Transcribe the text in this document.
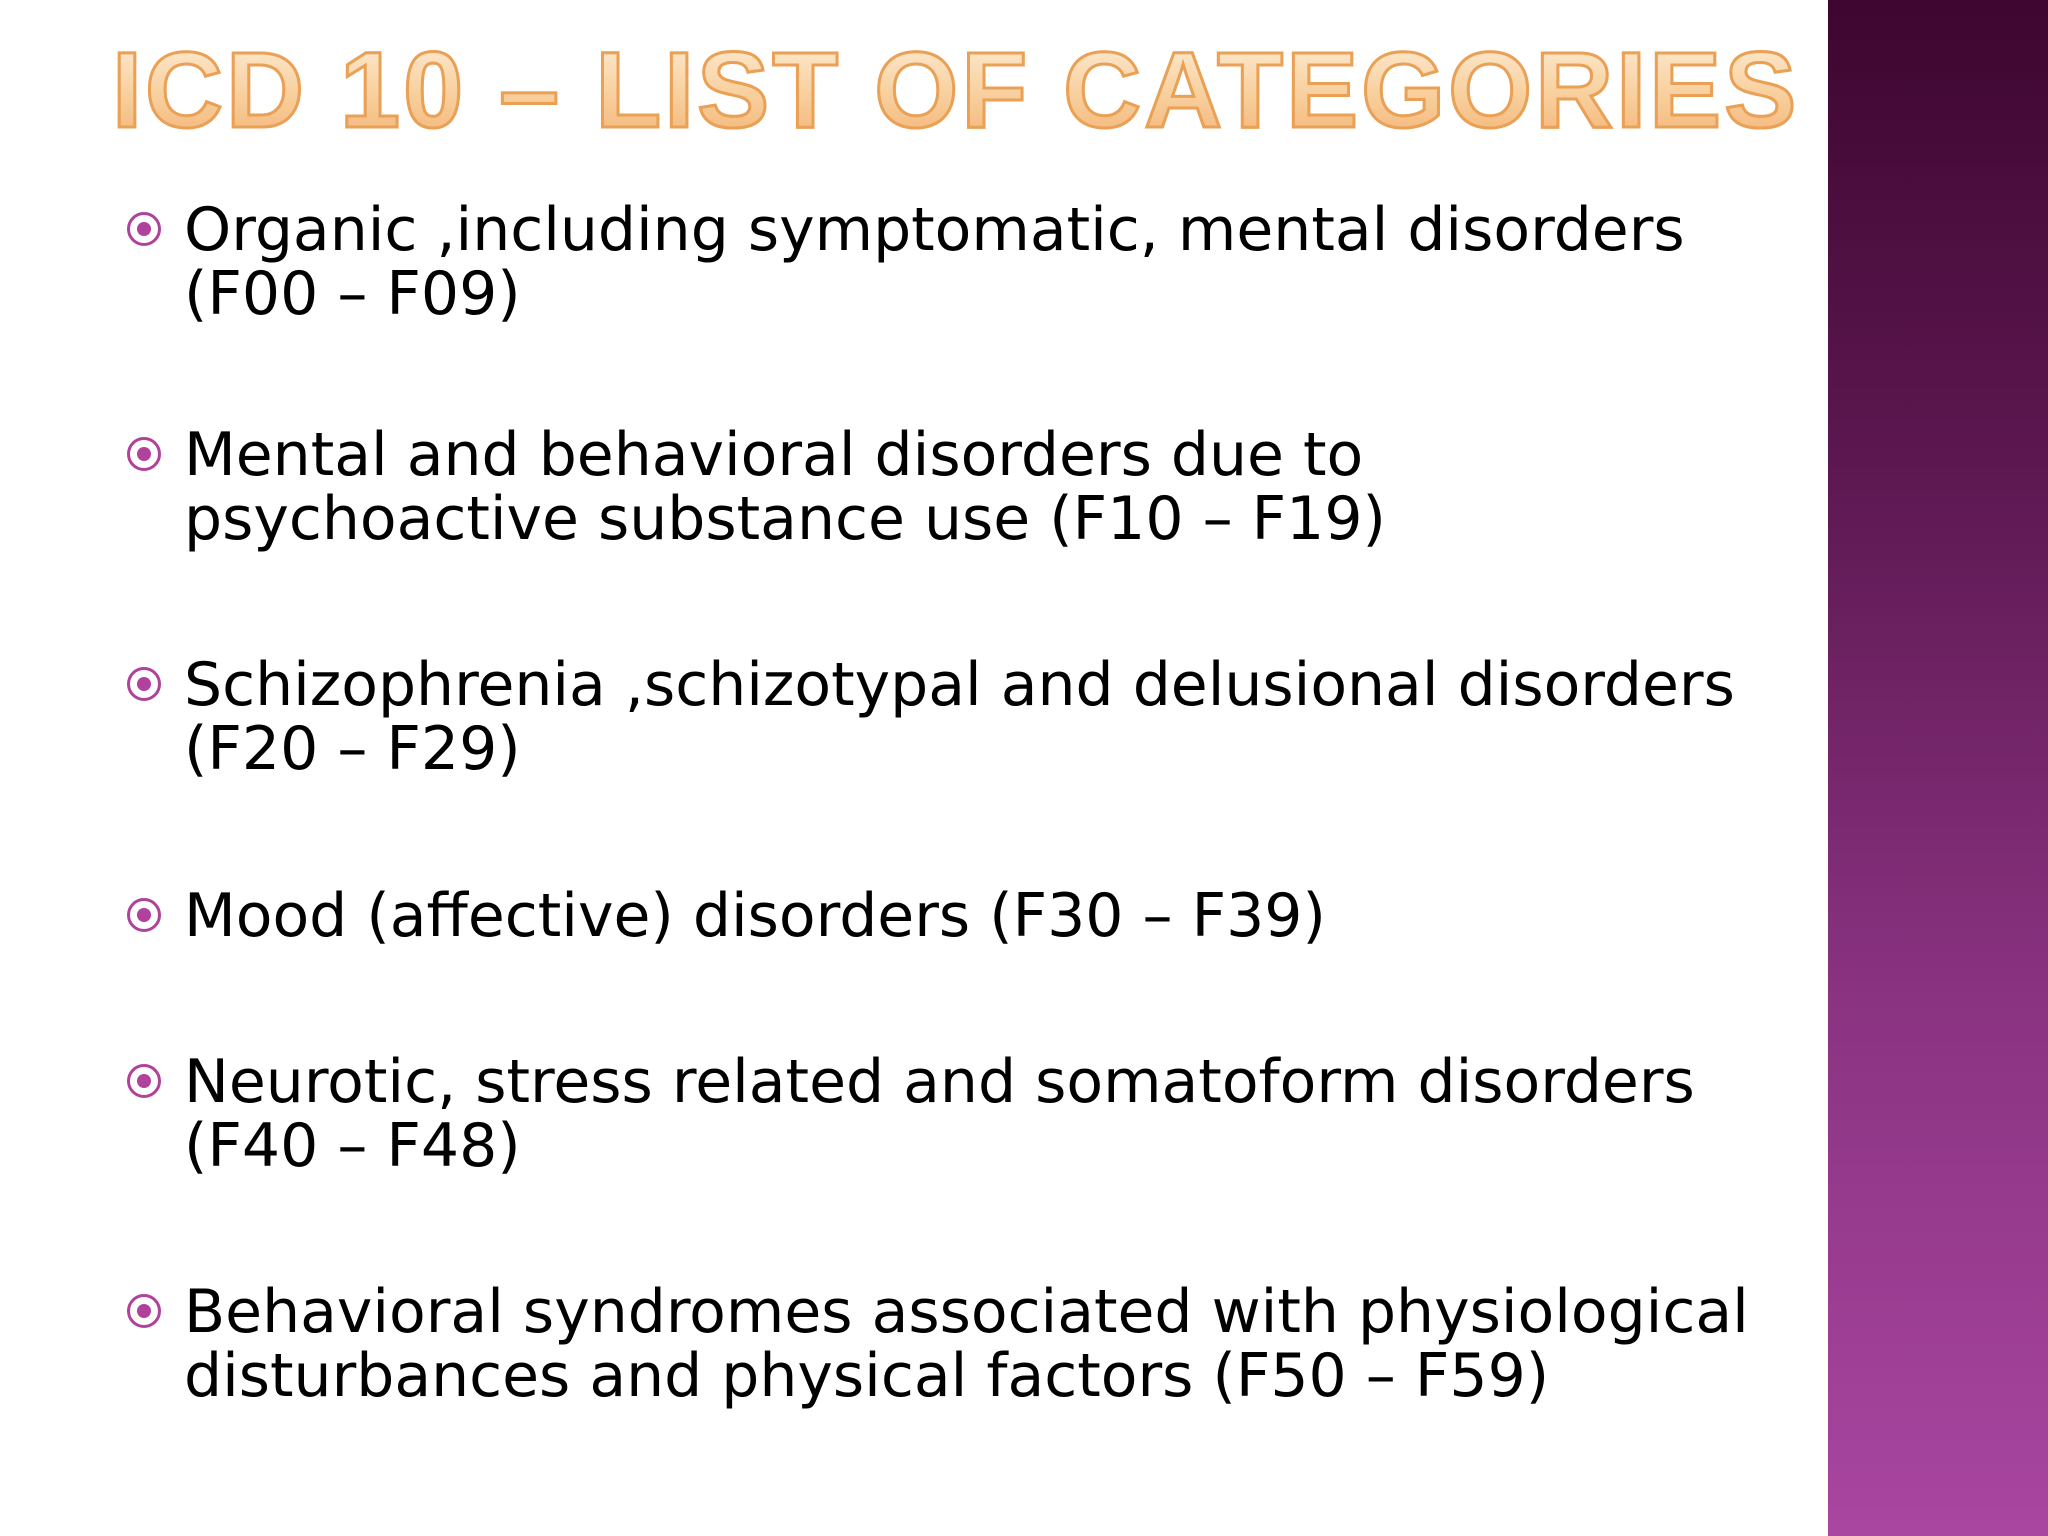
ICD 10 – LIST OF CATEGORIES
Organic ,including symptomatic, mental disorders
(F00 – F09)
Mental and behavioral disorders due to
psychoactive substance use (F10 – F19)
Schizophrenia ,schizotypal and delusional disorders
(F20 – F29)
Mood (affective) disorders (F30 – F39)
Neurotic, stress related and somatoform disorders
(F40 – F48)
Behavioral syndromes associated with physiological
disturbances and physical factors (F50 – F59)
